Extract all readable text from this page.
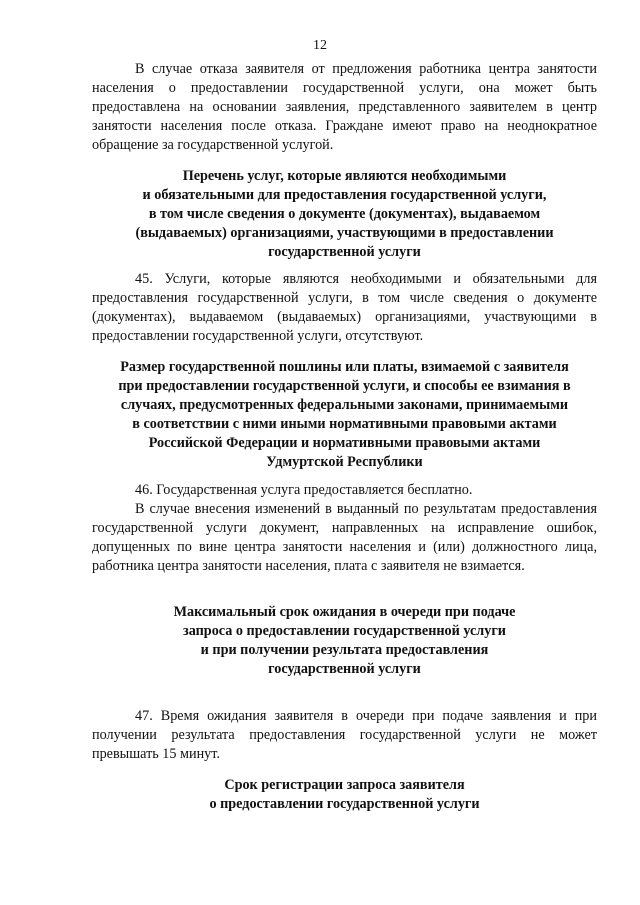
12

В случае отказа заявителя от предложения работника центра занятости населения о предоставлении государственной услуги, она может быть предоставлена на основании заявления, представленного заявителем в центр занятости населения после отказа. Граждане имеют право на неоднократное обращение за государственной услугой.

Перечень услуг, которые являются необходимыми
и обязательными для предоставления государственной услуги,
в том числе сведения о документе (документах), выдаваемом
(выдаваемых) организациями, участвующими в предоставлении
государственной услуги

45. Услуги, которые являются необходимыми и обязательными для предоставления государственной услуги, в том числе сведения о документе (документах), выдаваемом (выдаваемых) организациями, участвующими в предоставлении государственной услуги, отсутствуют.

Размер государственной пошлины или платы, взимаемой с заявителя
при предоставлении государственной услуги, и способы ее взимания в
случаях, предусмотренных федеральными законами, принимаемыми
в соответствии с ними иными нормативными правовыми актами
Российской Федерации и нормативными правовыми актами
Удмуртской Республики

46. Государственная услуга предоставляется бесплатно.

В случае внесения изменений в выданный по результатам предоставления государственной услуги документ, направленных на исправление ошибок, допущенных по вине центра занятости населения и (или) должностного лица, работника центра занятости населения, плата с заявителя не взимается.

Максимальный срок ожидания в очереди при подаче
запроса о предоставлении государственной услуги
и при получении результата предоставления
государственной услуги

47. Время ожидания заявителя в очереди при подаче заявления и при получении результата предоставления государственной услуги не может превышать 15 минут.

Срок регистрации запроса заявителя
о предоставлении государственной услуги
